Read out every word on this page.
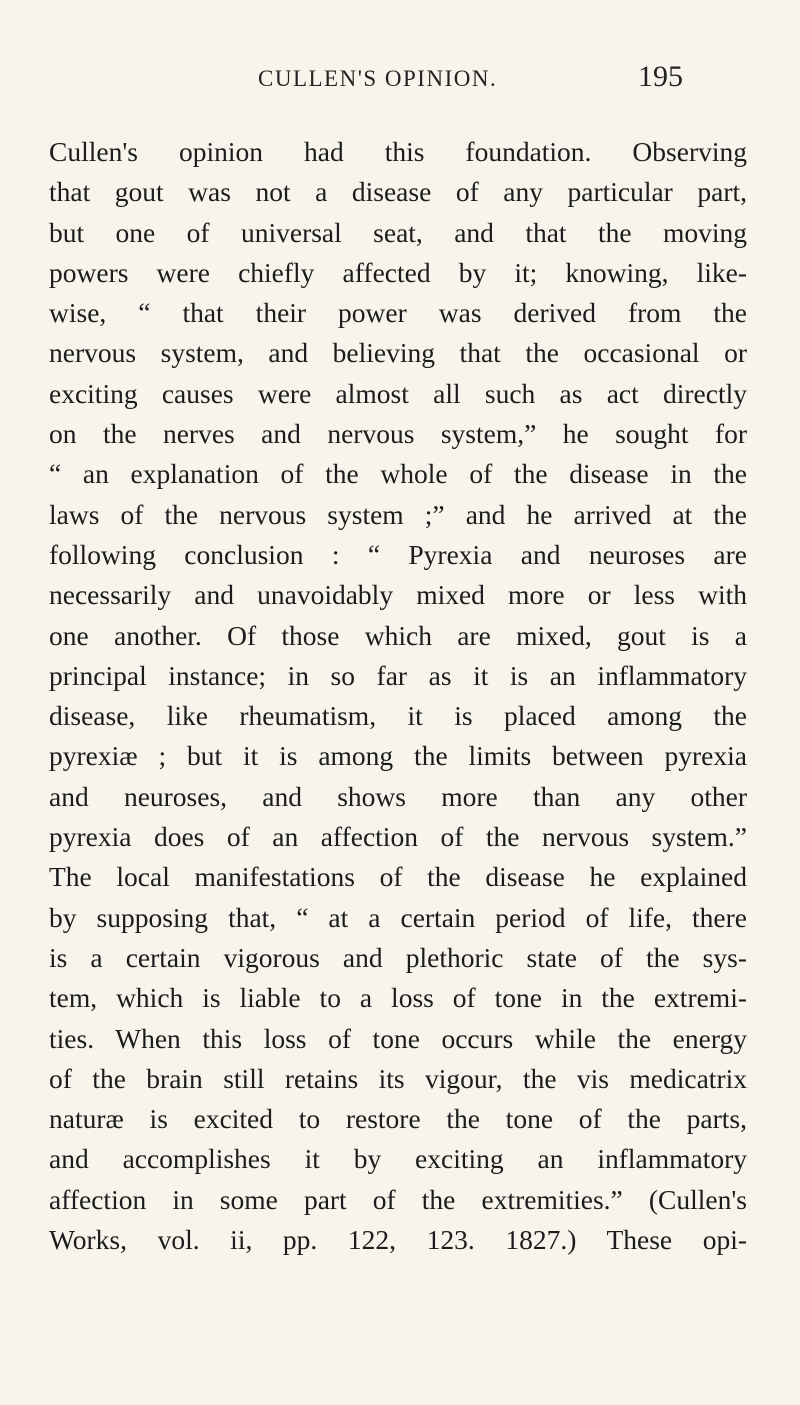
CULLEN'S OPINION.	195
Cullen's opinion had this foundation. Observing
that gout was not a disease of any particular part,
but one of universal seat, and that the moving
powers were chiefly affected by it; knowing, like-
wise, “ that their power was derived from the
nervous system, and believing that the occasional or
exciting causes were almost all such as act directly
on the nerves and nervous system,” he sought for
“ an explanation of the whole of the disease in the
laws of the nervous system ;” and he arrived at the
following conclusion : “ Pyrexia and neuroses are
necessarily and unavoidably mixed more or less with
one another. Of those which are mixed, gout is a
principal instance; in so far as it is an inflammatory
disease, like rheumatism, it is placed among the
pyrexiæ ; but it is among the limits between pyrexia
and neuroses, and shows more than any other
pyrexia does of an affection of the nervous system.”
The local manifestations of the disease he explained
by supposing that, “ at a certain period of life, there
is a certain vigorous and plethoric state of the sys-
tem, which is liable to a loss of tone in the extremi-
ties. When this loss of tone occurs while the energy
of the brain still retains its vigour, the vis medicatrix
naturæ is excited to restore the tone of the parts,
and accomplishes it by exciting an inflammatory
affection in some part of the extremities.” (Cullen's
Works, vol. ii, pp. 122, 123. 1827.) These opi-
